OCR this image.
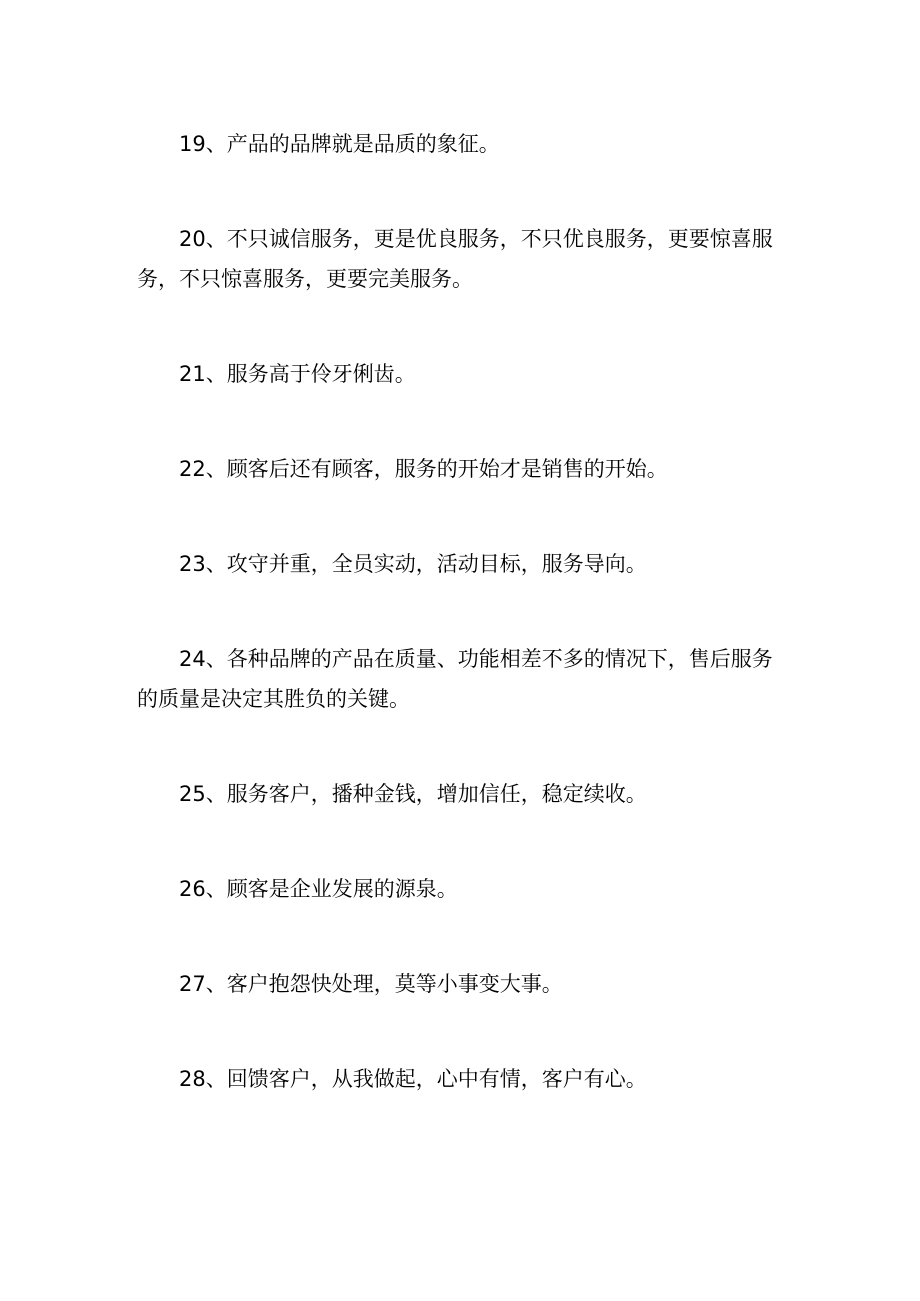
19、产品的品牌就是品质的象征。

20、不只诚信服务，更是优良服务，不只优良服务，更要惊喜服务，不只惊喜服务，更要完美服务。

21、服务高于伶牙俐齿。

22、顾客后还有顾客，服务的开始才是销售的开始。

23、攻守并重，全员实动，活动目标，服务导向。

24、各种品牌的产品在质量、功能相差不多的情况下，售后服务的质量是决定其胜负的关键。

25、服务客户，播种金钱，增加信任，稳定续收。

26、顾客是企业发展的源泉。

27、客户抱怨快处理，莫等小事变大事。

28、回馈客户，从我做起，心中有情，客户有心。
